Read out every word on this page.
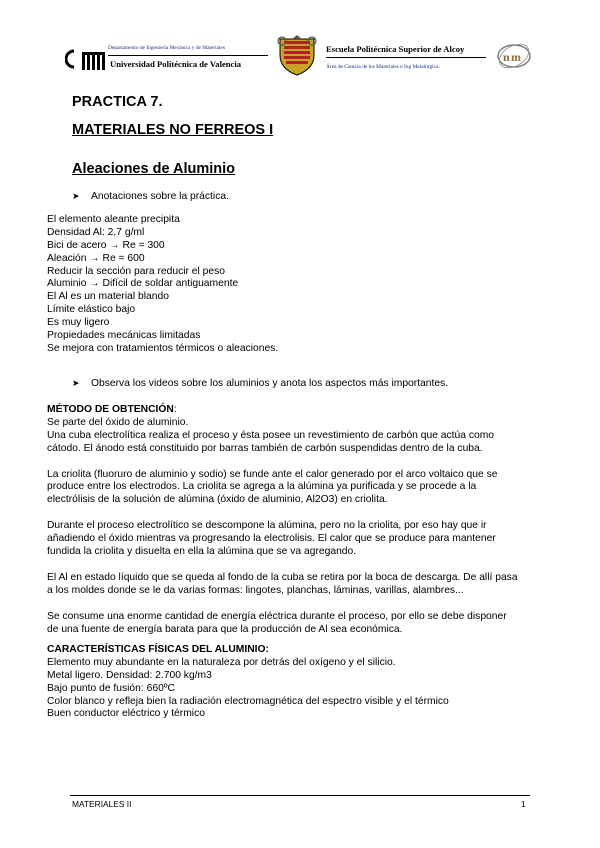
Departamento de Ingeniería Mecánica y de Materiales
Universidad Politécnica de Valencia
Escuela Politécnica Superior de Alcoy
Área de Ciencia de los Materiales e Ing Metalúrgica.
n m
PRACTICA 7.
MATERIALES NO FERREOS I
Aleaciones de Aluminio
➤ Anotaciones sobre la práctica.
El elemento aleante precipita
Densidad Al: 2,7 g/ml
Bici de acero → Re = 300
Aleación → Re = 600
Reducir la sección para reducir el peso
Aluminio → Difícil de soldar antiguamente
El Al es un material blando
Límite elástico bajo
Es muy ligero
Propiedades mecánicas limitadas
Se mejora con tratamientos térmicos o aleaciones.
➤ Observa los videos sobre los aluminios y anota los aspectos más importantes.
MÉTODO DE OBTENCIÓN:
Se parte del óxido de aluminio.
Una cuba electrolítica realiza el proceso y ésta posee un revestimiento de carbón que actúa como
cátodo. El ánodo está constituido por barras también de carbón suspendidas dentro de la cuba.
La criolita (fluoruro de aluminio y sodio) se funde ante el calor generado por el arco voltaico que se
produce entre los electrodos. La criolita se agrega a la alúmina ya purificada y se procede a la
electrólisis de la solución de alúmina (óxido de aluminio, Al2O3) en criolita.
Durante el proceso electrolítico se descompone la alúmina, pero no la criolita, por eso hay que ir
añadiendo el óxido mientras va progresando la electrolisis. El calor que se produce para mantener
fundida la criolita y disuelta en ella la alúmina que se va agregando.
El Al en estado líquido que se queda al fondo de la cuba se retira por la boca de descarga. De allí pasa
a los moldes donde se le da varias formas: lingotes, planchas, láminas, varillas, alambres...
Se consume una enorme cantidad de energía eléctrica durante el proceso, por ello se debe disponer
de una fuente de energía barata para que la producción de Al sea económica.
CARACTERÍSTICAS FÍSICAS DEL ALUMINIO:
Elemento muy abundante en la naturaleza por detrás del oxígeno y el silicio.
Metal ligero. Densidad: 2.700 kg/m3
Bajo punto de fusión: 660ºC
Color blanco y refleja bien la radiación electromagnética del espectro visible y el térmico
Buen conductor eléctrico y térmico
MATERIALES II	1
